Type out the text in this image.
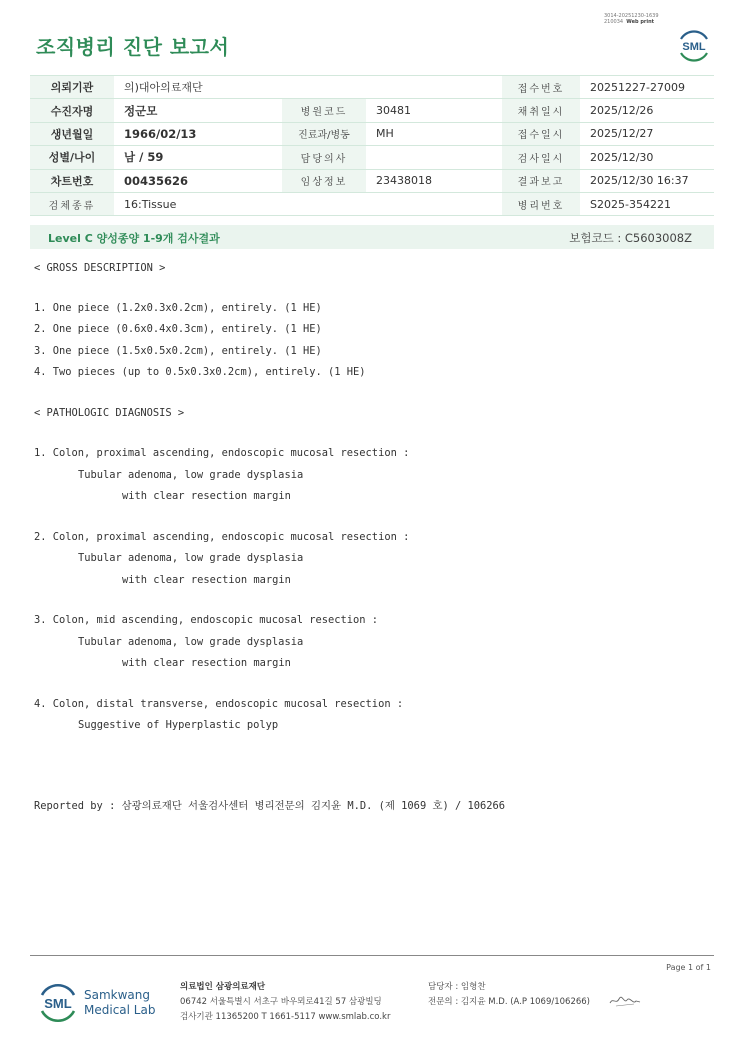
3014-20251230-1639
210034 Web print
조직병리 진단 보고서	SML
의뢰기관	의)대아의료재단			접수번호	20251227-27009
수진자명	정군모	병원코드	30481	채취일시	2025/12/26
생년월일	1966/02/13	진료과/병동	MH	접수일시	2025/12/27
성별/나이	남 / 59	담당의사		검사일시	2025/12/30
차트번호	00435626	임상정보	23438018	결과보고	2025/12/30 16:37
검체종류	16:Tissue			병리번호	S2025-354221
Level C 양성종양 1-9개 검사결과	보험코드 : C5603008Z
< GROSS DESCRIPTION >
1. One piece (1.2x0.3x0.2cm), entirely. (1 HE)
2. One piece (0.6x0.4x0.3cm), entirely. (1 HE)
3. One piece (1.5x0.5x0.2cm), entirely. (1 HE)
4. Two pieces (up to 0.5x0.3x0.2cm), entirely. (1 HE)
< PATHOLOGIC DIAGNOSIS >
1. Colon, proximal ascending, endoscopic mucosal resection :
Tubular adenoma, low grade dysplasia
with clear resection margin
2. Colon, proximal ascending, endoscopic mucosal resection :
Tubular adenoma, low grade dysplasia
with clear resection margin
3. Colon, mid ascending, endoscopic mucosal resection :
Tubular adenoma, low grade dysplasia
with clear resection margin
4. Colon, distal transverse, endoscopic mucosal resection :
Suggestive of Hyperplastic polyp
Reported by : 삼광의료재단 서울검사센터 병리전문의 김지윤 M.D. (제 1069 호) / 106266
Page 1 of 1
SML
Samkwang
Medical Lab
의료법인 삼광의료재단
06742 서울특별시 서초구 바우뫼로41길 57 삼광빌딩
검사기관 11365200 T 1661-5117 www.smlab.co.kr
담당자 : 임형찬
전문의 : 김지윤 M.D. (A.P 1069/106266)
